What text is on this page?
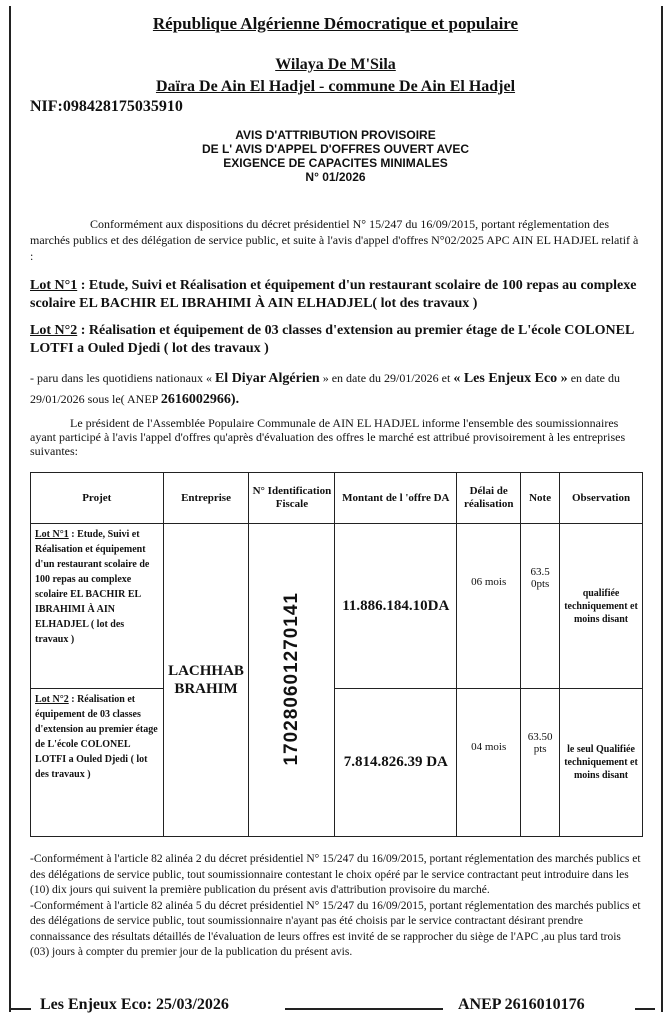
République Algérienne Démocratique et populaire
Wilaya De M'Sila
Daïra De Ain El Hadjel - commune De Ain El Hadjel
NIF:098428175035910
AVIS D'ATTRIBUTION PROVISOIRE
DE L' AVIS D'APPEL D'OFFRES OUVERT AVEC
EXIGENCE DE CAPACITES MINIMALES
N° 01/2026
Conformément aux dispositions du décret présidentiel N° 15/247 du 16/09/2015, portant réglementation des marchés publics et des délégation de service public, et suite à l'avis d'appel d'offres N°02/2025 APC AIN EL HADJEL relatif à :
Lot N°1 : Etude, Suivi et Réalisation et équipement d'un restaurant scolaire de 100 repas au complexe scolaire EL BACHIR EL IBRAHIMI À AIN ELHADJEL( lot des travaux )
Lot N°2 : Réalisation et équipement de 03 classes d'extension au premier étage de L'école COLONEL LOTFI a Ouled Djedi ( lot des travaux )
- paru dans les quotidiens nationaux « El Diyar Algérien » en date du 29/01/2026 et « Les Enjeux Eco » en date du 29/01/2026 sous le( ANEP 2616002966).
Le président de l'Assemblée Populaire Communale de AIN EL HADJEL informe l'ensemble des soumissionnaires ayant participé à l'avis l'appel d'offres qu'après d'évaluation des offres le marché est attribué provisoirement à les entreprises suivantes:
Projet	Entreprise	N° Identification Fiscale	Montant de l 'offre DA	Délai de réalisation	Note	Observation
Lot N°1 : Etude, Suivi et Réalisation et équipement d'un restaurant scolaire de 100 repas au complexe scolaire EL BACHIR EL IBRAHIMI À AIN ELHADJEL ( lot des travaux )	LACHHAB BRAHIM	170280601270141	11.886.184.10DA	06 mois	63.5 0pts	qualifiée techniquement et moins disant
Lot N°2 : Réalisation et équipement de 03 classes d'extension au premier étage de L'école COLONEL LOTFI a Ouled Djedi ( lot des travaux )			7.814.826.39 DA	04 mois	63.50 pts	le seul Qualifiée techniquement et moins disant

-Conformément à l'article 82 alinéa 2 du décret présidentiel N° 15/247 du 16/09/2015, portant réglementation des marchés publics et des délégations de service public, tout soumissionnaire contestant le choix opéré par le service contractant peut introduire dans les (10) dix jours qui suivent la première publication du présent avis d'attribution provisoire du marché.

-Conformément à l'article 82 alinéa 5 du décret présidentiel N° 15/247 du 16/09/2015, portant réglementation des marchés publics et des délégations de service public, tout soumissionnaire n'ayant pas été choisis par le service contractant désirant prendre connaissance des résultats détaillés de l'évaluation de leurs offres est invité de se rapprocher du siège de l'APC ,au plus tard trois (03) jours à compter du premier jour de la publication du présent avis.

Les Enjeux Eco: 25/03/2026	ANEP 2616010176
